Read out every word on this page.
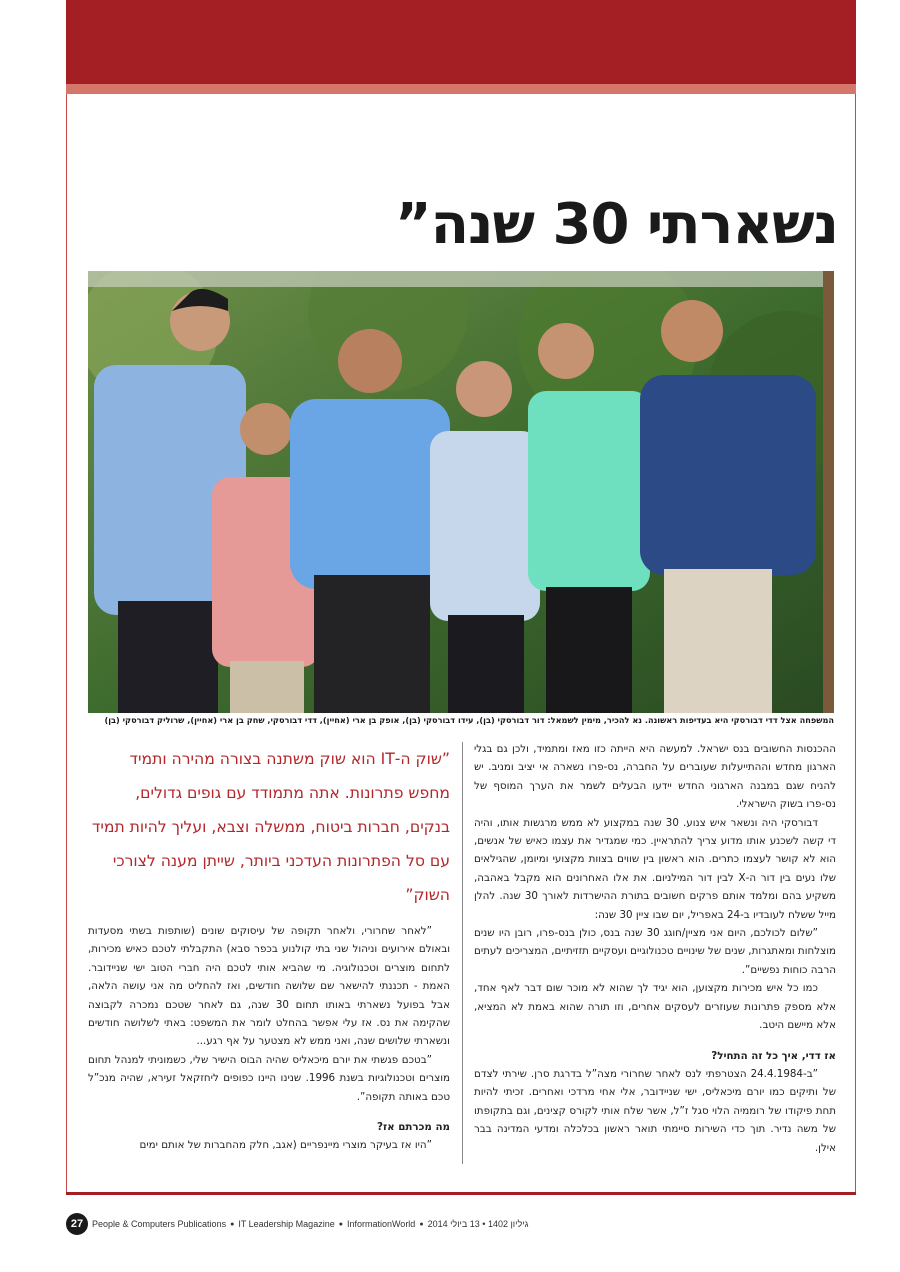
נשארתי 30 שנה”
המשפחה אצל דדי דבורסקי היא בעדיפות ראשונה. נא להכיר, מימין לשמאל: דור דבורסקי (בן), עידו דבורסקי (בן), אופק בן ארי (אחיין), דדי דבורסקי, שחק בן ארי (אחיין), שרוליק דבורסקי (בן)

ההכנסות החשובים בנס ישראל. למעשה היא הייתה כזו מאז ומתמיד, ולכן גם בגלי הארגון מחדש וההתייעלות שעוברים על החברה, נס-פרו נשארה אי יציב ומניב. יש להניח שגם במבנה הארגוני החדש יידעו הבעלים לשמר את הערך המוסף של נס-פרו בשוק הישראלי.

דבורסקי היה ונשאר איש צנוע. 30 שנה במקצוע לא ממש מרגשות אותו, והיה די קשה לשכנע אותו מדוע צריך להתראיין. כמי שמגדיר את עצמו כאיש של אנשים, הוא לא קושר לעצמו כתרים. הוא ראשון בין שווים בצוות מקצועי ומיומן, שהגילאים שלו נעים בין דור ה-X לבין דור המילניום. את אלו האחרונים הוא מקבל באהבה, משקיע בהם ומלמד אותם פרקים חשובים בתורת ההישרדות לאורך 30 שנה. להלן מייל ששלח לעובדיו ב-24 באפריל, יום שבו ציין 30 שנה:

”שלום לכולכם, היום אני מציין/חוגג 30 שנה בנס, כולן בנס-פרו, רובן היו שנים מוצלחות ומאתגרות, שנים של שינויים טכנולוגיים ועסקיים תזזיתיים, המצריכים לעתים הרבה כוחות נפשיים”.

כמו כל איש מכירות מקצוען, הוא יגיד לך שהוא לא מוכר שום דבר לאף אחד, אלא מספק פתרונות שעוזרים לעסקים אחרים, וזו תורה שהוא באמת לא המציא, אלא מיישם היטב.

אז דדי, איך כל זה התחיל?

”ב-24.4.1984 הצטרפתי לנס לאחר שחרורי מצה”ל בדרגת סרן. שירתי לצדם של ותיקים כמו יורם מיכאליס, ישי שניידובר, אלי אחי מרדכי ואחרים. זכיתי להיות תחת פיקודו של רוממיה הלוי סגל ז”ל, אשר שלח אותי לקורס קצינים, וגם בתקופתו של משה נדיר. תוך כדי השירות סיימתי תואר ראשון בכלכלה ומדעי המדינה בבר אילן.

”שוק ה-IT הוא שוק משתנה בצורה מהירה ותמיד מחפש פתרונות. אתה מתמודד עם גופים גדולים, בנקים, חברות ביטוח, ממשלה וצבא, ועליך להיות תמיד עם סל הפתרונות העדכני ביותר, שייתן מענה לצורכי השוק”

”לאחר שחרורי, ולאחר תקופה של עיסוקים שונים (שותפות בשתי מסעדות ובאולם אירועים וניהול שני בתי קולנוע בכפר סבא) התקבלתי לטכם כאיש מכירות, לתחום מוצרים וטכנולוגיה. מי שהביא אותי לטכם היה חברי הטוב ישי שניידובר. האמת - תכננתי להישאר שם שלושה חודשים, ואז להחליט מה אני עושה הלאה, אבל בפועל נשארתי באותו תחום 30 שנה, גם לאחר שטכם נמכרה לקבוצה שהקימה את נס. אז עלי אפשר בהחלט לומר את המשפט: באתי לשלושה חודשים ונשארתי שלושים שנה, ואני ממש לא מצטער על אף רגע...

”בטכם פגשתי את יורם מיכאליס שהיה הבוס הישיר שלי, כשמוניתי למנהל תחום מוצרים וטכנולוגיות בשנת 1996. שנינו היינו כפופים ליחזקאל זעירא, שהיה מנכ”ל טכם באותה תקופה”.

מה מכרתם אז?

”היו אז בעיקר מוצרי מיינפריים (אגב, חלק מהחברות של אותם ימים

27 People & Computers Publications ● IT Leadership Magazine ● InformationWorld ● גיליון 1402 • 13 ביולי 2014
